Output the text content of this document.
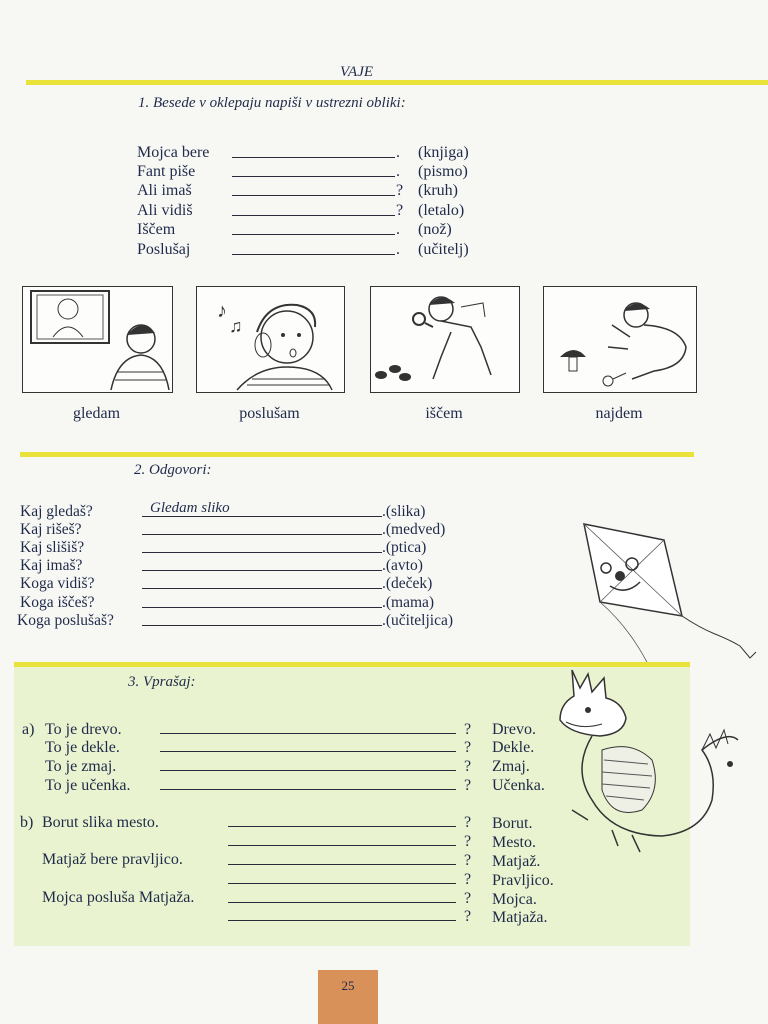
VAJE
1. Besede v oklepaju napiši v ustrezni obliki:
Mojca bere	. (knjiga)
Fant piše	. (pismo)
Ali imaš	? (kruh)
Ali vidiš	? (letalo)
Iščem	. (nož)
Poslušaj	. (učitelj)
♪
♫
gledam	poslušam	iščem	najdem
2. Odgovori:
Kaj gledaš?	Gledam sliko	.(slika)
Kaj rišeš?	.(medved)
Kaj slišiš?	.(ptica)
Kaj imaš?	.(avto)
Koga vidiš?	.(deček)
Koga iščeš?	.(mama)
Koga poslušaš?	.(učiteljica)
3. Vprašaj:
a) To je drevo.	? Drevo.
To je dekle.	? Dekle.
To je zmaj.	? Zmaj.
To je učenka.	? Učenka.
b) Borut slika mesto.	? Borut.
? Mesto.
Matjaž bere pravljico.	? Matjaž.
? Pravljico.
Mojca posluša Matjaža.	? Mojca.
? Matjaža.
25
